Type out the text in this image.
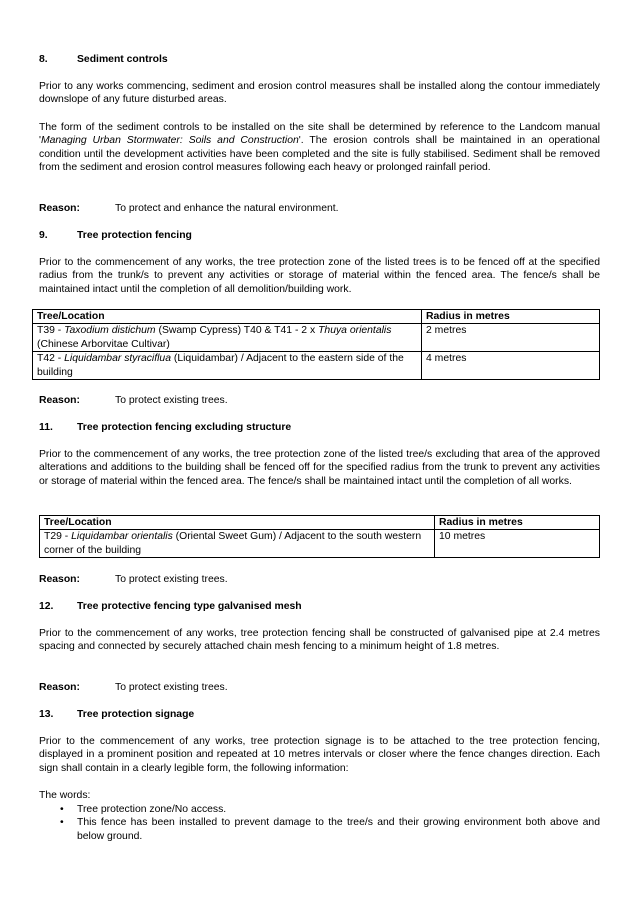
8.	Sediment controls
Prior to any works commencing, sediment and erosion control measures shall be installed along the contour immediately downslope of any future disturbed areas.
The form of the sediment controls to be installed on the site shall be determined by reference to the Landcom manual 'Managing Urban Stormwater: Soils and Construction'. The erosion controls shall be maintained in an operational condition until the development activities have been completed and the site is fully stabilised. Sediment shall be removed from the sediment and erosion control measures following each heavy or prolonged rainfall period.
Reason:	To protect and enhance the natural environment.
9.	Tree protection fencing
Prior to the commencement of any works, the tree protection zone of the listed trees is to be fenced off at the specified radius from the trunk/s to prevent any activities or storage of material within the fenced area. The fence/s shall be maintained intact until the completion of all demolition/building work.
Tree/Location	Radius in metres
T39 - Taxodium distichum (Swamp Cypress) T40 & T41 - 2 x Thuya orientalis (Chinese Arborvitae Cultivar)	2 metres
T42 - Liquidambar styraciflua (Liquidambar) / Adjacent to the eastern side of the building	4 metres
Reason:	To protect existing trees.
11. Tree protection fencing excluding structure
Prior to the commencement of any works, the tree protection zone of the listed tree/s excluding that area of the approved alterations and additions to the building shall be fenced off for the specified radius from the trunk to prevent any activities or storage of material within the fenced area. The fence/s shall be maintained intact until the completion of all works.
Tree/Location	Radius in metres
T29 - Liquidambar orientalis (Oriental Sweet Gum) / Adjacent to the south western corner of the building	10 metres
Reason:	To protect existing trees.
12. Tree protective fencing type galvanised mesh
Prior to the commencement of any works, tree protection fencing shall be constructed of galvanised pipe at 2.4 metres spacing and connected by securely attached chain mesh fencing to a minimum height of 1.8 metres.
Reason:	To protect existing trees.
13. Tree protection signage
Prior to the commencement of any works, tree protection signage is to be attached to the tree protection fencing, displayed in a prominent position and repeated at 10 metres intervals or closer where the fence changes direction. Each sign shall contain in a clearly legible form, the following information:
The words:
• Tree protection zone/No access.
• This fence has been installed to prevent damage to the tree/s and their growing environment both above and below ground.
